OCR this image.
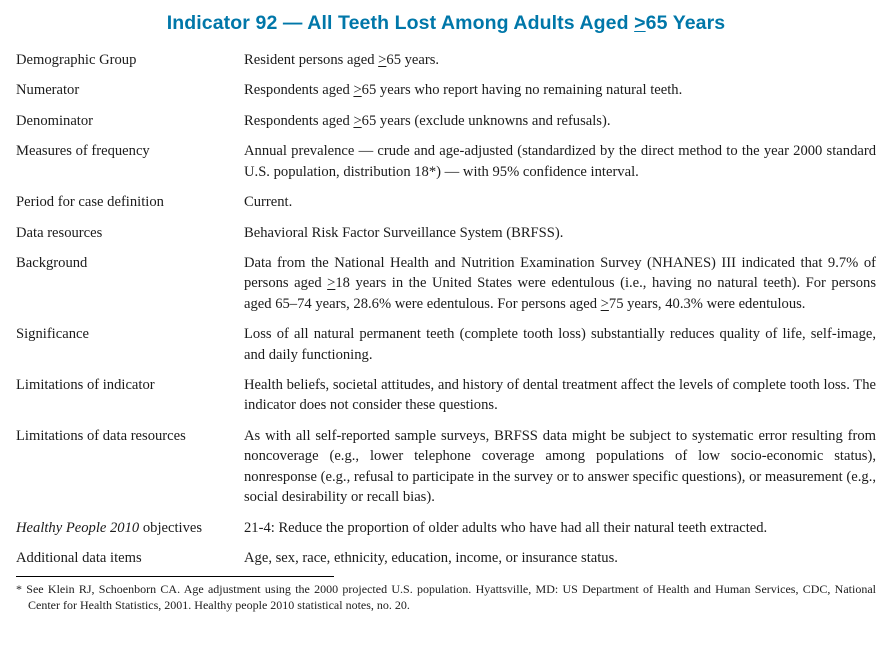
Indicator 92 — All Teeth Lost Among Adults Aged >65 Years
Demographic Group	Resident persons aged >65 years.
Numerator	Respondents aged >65 years who report having no remaining natural teeth.
Denominator	Respondents aged >65 years (exclude unknowns and refusals).
Measures of frequency	Annual prevalence — crude and age-adjusted (standardized by the direct method to the year 2000 standard U.S. population, distribution 18*) — with 95% confidence interval.
Period for case definition	Current.
Data resources	Behavioral Risk Factor Surveillance System (BRFSS).
Background	Data from the National Health and Nutrition Examination Survey (NHANES) III indicated that 9.7% of persons aged >18 years in the United States were edentulous (i.e., having no natural teeth). For persons aged 65–74 years, 28.6% were edentulous. For persons aged >75 years, 40.3% were edentulous.
Significance	Loss of all natural permanent teeth (complete tooth loss) substantially reduces quality of life, self-image, and daily functioning.
Limitations of indicator	Health beliefs, societal attitudes, and history of dental treatment affect the levels of complete tooth loss. The indicator does not consider these questions.
Limitations of data resources	As with all self-reported sample surveys, BRFSS data might be subject to systematic error resulting from noncoverage (e.g., lower telephone coverage among populations of low socio-economic status), nonresponse (e.g., refusal to participate in the survey or to answer specific questions), or measurement (e.g., social desirability or recall bias).
Healthy People 2010 objectives	21-4: Reduce the proportion of older adults who have had all their natural teeth extracted.
Additional data items	Age, sex, race, ethnicity, education, income, or insurance status.
* See Klein RJ, Schoenborn CA. Age adjustment using the 2000 projected U.S. population. Hyattsville, MD: US Department of Health and Human Services, CDC, National Center for Health Statistics, 2001. Healthy people 2010 statistical notes, no. 20.
